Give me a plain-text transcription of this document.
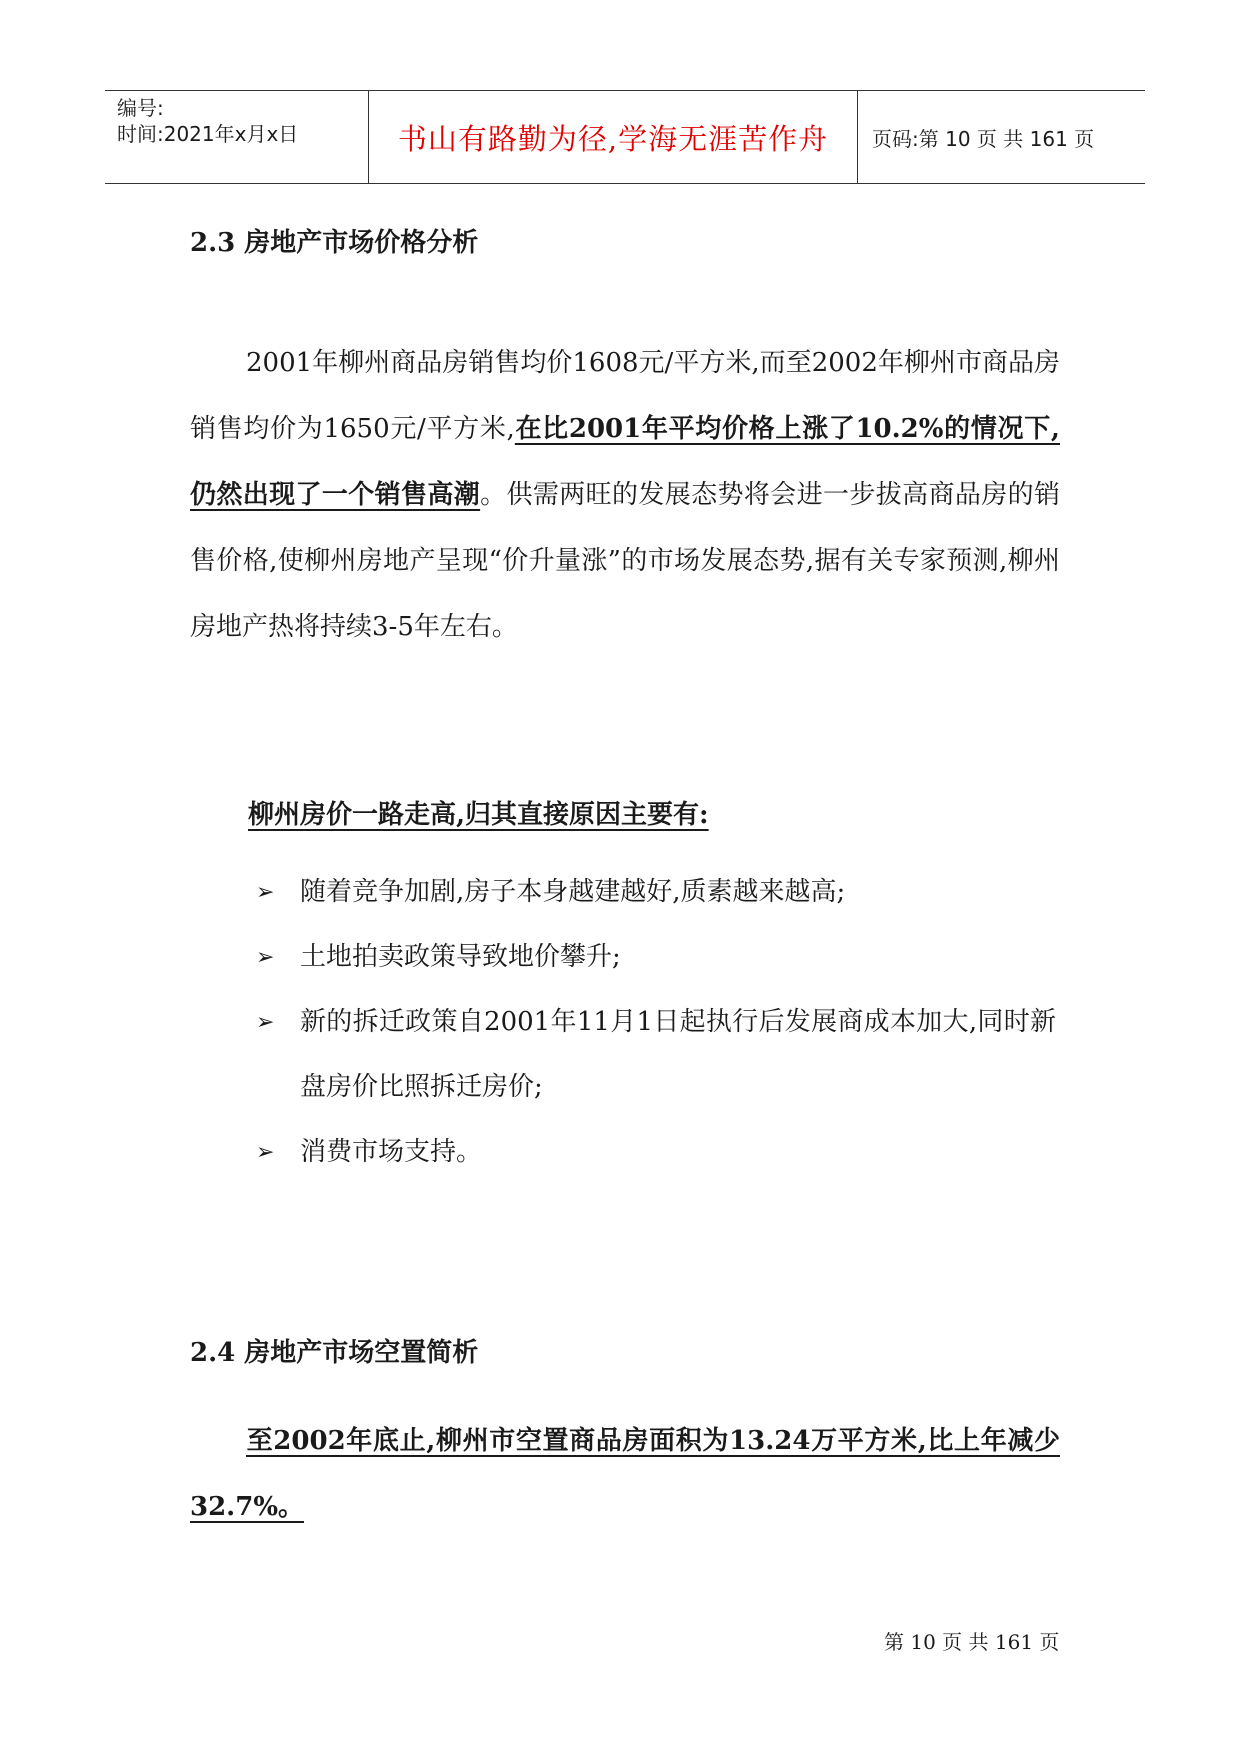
编号:
时间:2021年x月x日	书山有路勤为径,学海无涯苦作舟	页码:第 10 页 共 161 页
2.3 房地产市场价格分析
2001年柳州商品房销售均价1608元/平方米,而至2002年柳州市商品房销售均价为1650元/平方米,在比2001年平均价格上涨了10.2%的情况下,仍然出现了一个销售高潮。供需两旺的发展态势将会进一步拔高商品房的销售价格,使柳州房地产呈现“价升量涨”的市场发展态势,据有关专家预测,柳州房地产热将持续3-5年左右。
柳州房价一路走高,归其直接原因主要有:
➢ 随着竞争加剧,房子本身越建越好,质素越来越高;
➢ 土地拍卖政策导致地价攀升;
➢ 新的拆迁政策自2001年11月1日起执行后发展商成本加大,同时新盘房价比照拆迁房价;
➢ 消费市场支持。
2.4 房地产市场空置简析
至2002年底止,柳州市空置商品房面积为13.24万平方米,比上年减少32.7%。
第 10 页 共 161 页
